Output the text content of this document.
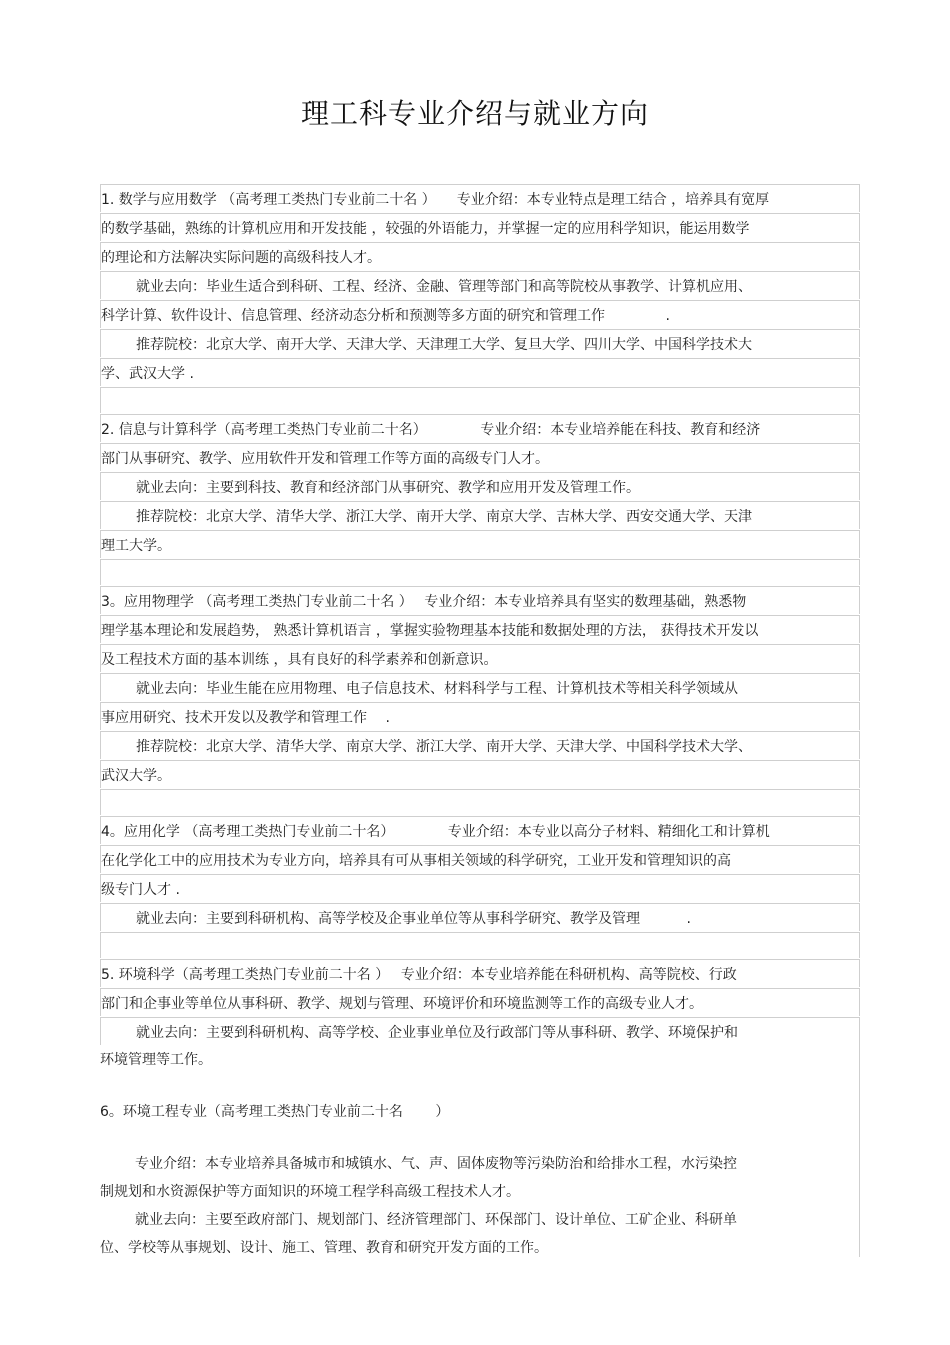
理工科专业介绍与就业方向
1. 数学与应用数学 （高考理工类热门专业前二十名 ）　　专业介绍：本专业特点是理工结合 ，培养具有宽厚
的数学基础，熟练的计算机应用和开发技能 ，较强的外语能力，并掌握一定的应用科学知识，能运用数学
的理论和方法解决实际问题的高级科技人才。
就业去向：毕业生适合到科研、工程、经济、金融、管理等部门和高等院校从事教学、计算机应用、
科学计算、软件设计、信息管理、经济动态分析和预测等多方面的研究和管理工作 　　　　.
推荐院校：北京大学、南开大学、天津大学、天津理工大学、复旦大学、四川大学、中国科学技术大
学、武汉大学 .
2. 信息与计算科学（高考理工类热门专业前二十名）　　　　 专业介绍：本专业培养能在科技、教育和经济
部门从事研究、教学、应用软件开发和管理工作等方面的高级专门人才。
就业去向：主要到科技、教育和经济部门从事研究、教学和应用开发及管理工作。
推荐院校：北京大学、清华大学、浙江大学、南开大学、南京大学、吉林大学、西安交通大学、天津
理工大学。
3。应用物理学 （高考理工类热门专业前二十名 ）　 专业介绍：本专业培养具有坚实的数理基础，熟悉物
理学基本理论和发展趋势， 熟悉计算机语言 ，掌握实验物理基本技能和数据处理的方法， 获得技术开发以
及工程技术方面的基本训练 ，具有良好的科学素养和创新意识。
就业去向：毕业生能在应用物理、电子信息技术、材料科学与工程、计算机技术等相关科学领域从
事应用研究、技术开发以及教学和管理工作 　.
推荐院校：北京大学、清华大学、南京大学、浙江大学、南开大学、天津大学、中国科学技术大学、
武汉大学。
4。应用化学 （高考理工类热门专业前二十名）　　　　 专业介绍：本专业以高分子材料、精细化工和计算机
在化学化工中的应用技术为专业方向，培养具有可从事相关领域的科学研究，工业开发和管理知识的高
级专门人才 .
就业去向：主要到科研机构、高等学校及企事业单位等从事科学研究、教学及管理 　　　.
5. 环境科学（高考理工类热门专业前二十名 ）　 专业介绍：本专业培养能在科研机构、高等院校、行政
部门和企事业等单位从事科研、教学、规划与管理、环境评价和环境监测等工作的高级专业人才。
就业去向：主要到科研机构、高等学校、企业事业单位及行政部门等从事科研、教学、环境保护和
环境管理等工作。
6。环境工程专业（高考理工类热门专业前二十名 　　）
专业介绍：本专业培养具备城市和城镇水、气、声、固体废物等污染防治和给排水工程，水污染控
制规划和水资源保护等方面知识的环境工程学科高级工程技术人才。
就业去向：主要至政府部门、规划部门、经济管理部门、环保部门、设计单位、工矿企业、科研单
位、学校等从事规划、设计、施工、管理、教育和研究开发方面的工作。
